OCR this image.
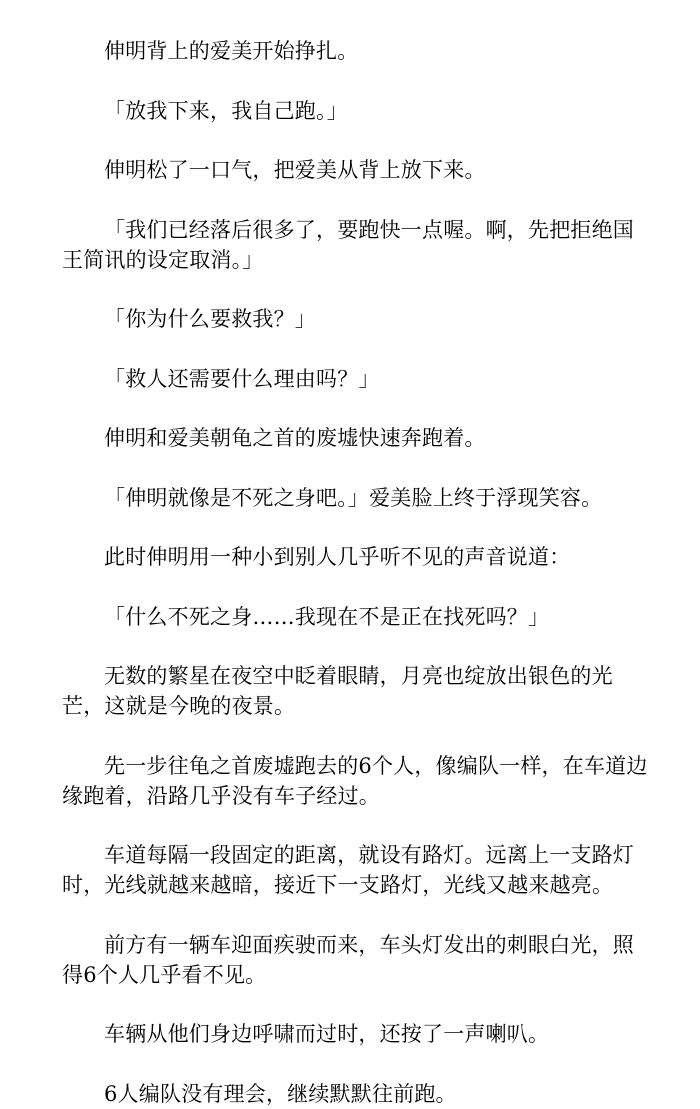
伸明背上的爱美开始挣扎。

「放我下来，我自己跑。」

伸明松了一口气，把爱美从背上放下来。

「我们已经落后很多了，要跑快一点喔。啊，先把拒绝国王简讯的设定取消。」

「你为什么要救我？」

「救人还需要什么理由吗？」

伸明和爱美朝龟之首的废墟快速奔跑着。

「伸明就像是不死之身吧。」爱美脸上终于浮现笑容。

此时伸明用一种小到别人几乎听不见的声音说道：

「什么不死之身……我现在不是正在找死吗？」

无数的繁星在夜空中眨着眼睛，月亮也绽放出银色的光芒，这就是今晚的夜景。

先一步往龟之首废墟跑去的6个人，像编队一样，在车道边缘跑着，沿路几乎没有车子经过。

车道每隔一段固定的距离，就设有路灯。远离上一支路灯时，光线就越来越暗，接近下一支路灯，光线又越来越亮。

前方有一辆车迎面疾驶而来，车头灯发出的刺眼白光，照得6个人几乎看不见。

车辆从他们身边呼啸而过时，还按了一声喇叭。

6人编队没有理会，继续默默往前跑。
